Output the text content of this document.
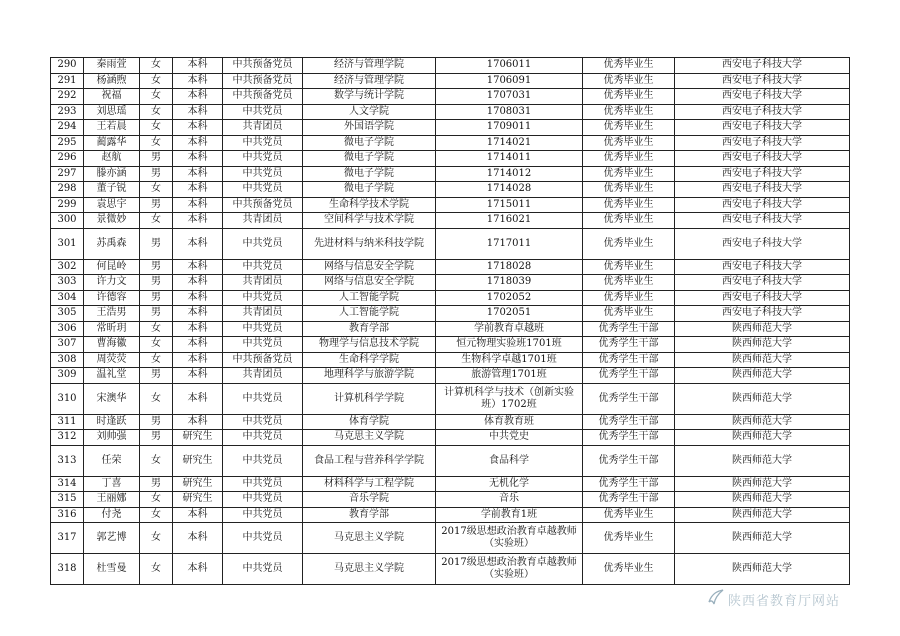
290	秦雨萱	女	本科	中共预备党员	经济与管理学院	1706011	优秀毕业生	西安电子科技大学
291	杨涵煦	女	本科	中共预备党员	经济与管理学院	1706091	优秀毕业生	西安电子科技大学
292	祝福	女	本科	中共预备党员	数学与统计学院	1707031	优秀毕业生	西安电子科技大学
293	刘思瑶	女	本科	中共党员	人文学院	1708031	优秀毕业生	西安电子科技大学
294	王若晨	女	本科	共青团员	外国语学院	1709011	优秀毕业生	西安电子科技大学
295	蔺露华	女	本科	中共党员	微电子学院	1714021	优秀毕业生	西安电子科技大学
296	赵航	男	本科	中共党员	微电子学院	1714011	优秀毕业生	西安电子科技大学
297	滕亦涵	男	本科	中共党员	微电子学院	1714012	优秀毕业生	西安电子科技大学
298	董子锐	女	本科	中共党员	微电子学院	1714028	优秀毕业生	西安电子科技大学
299	袁思宇	男	本科	中共预备党员	生命科学技术学院	1715011	优秀毕业生	西安电子科技大学
300	景微妙	女	本科	共青团员	空间科学与技术学院	1716021	优秀毕业生	西安电子科技大学
301	苏禹森	男	本科	中共党员	先进材料与纳米科技学院	1717011	优秀毕业生	西安电子科技大学
302	何昆岭	男	本科	中共党员	网络与信息安全学院	1718028	优秀毕业生	西安电子科技大学
303	许力文	男	本科	共青团员	网络与信息安全学院	1718039	优秀毕业生	西安电子科技大学
304	许德容	男	本科	中共党员	人工智能学院	1702052	优秀毕业生	西安电子科技大学
305	王浩男	男	本科	共青团员	人工智能学院	1702051	优秀毕业生	西安电子科技大学
306	常昕玥	女	本科	中共党员	教育学部	学前教育卓越班	优秀学生干部	陕西师范大学
307	曹海徽	女	本科	中共党员	物理学与信息技术学院	恒元物理实验班1701班	优秀学生干部	陕西师范大学
308	周荧荧	女	本科	中共预备党员	生命科学学院	生物科学卓越1701班	优秀学生干部	陕西师范大学
309	温礼堂	男	本科	共青团员	地理科学与旅游学院	旅游管理1701班	优秀学生干部	陕西师范大学
310	宋澳华	女	本科	中共党员	计算机科学学院	计算机科学与技术（创新实验班）1702班	优秀学生干部	陕西师范大学
311	时逢跃	男	本科	中共党员	体育学院	体育教育班	优秀学生干部	陕西师范大学
312	刘帅强	男	研究生	中共党员	马克思主义学院	中共党史	优秀学生干部	陕西师范大学
313	任荣	女	研究生	中共党员	食品工程与营养科学学院	食品科学	优秀学生干部	陕西师范大学
314	丁喜	男	研究生	中共党员	材料科学与工程学院	无机化学	优秀学生干部	陕西师范大学
315	王丽娜	女	研究生	中共党员	音乐学院	音乐	优秀学生干部	陕西师范大学
316	付尧	女	本科	中共党员	教育学部	学前教育1班	优秀毕业生	陕西师范大学
317	郭艺博	女	本科	中共党员	马克思主义学院	2017级思想政治教育卓越教师（实验班）	优秀毕业生	陕西师范大学
318	杜雪曼	女	本科	中共党员	马克思主义学院	2017级思想政治教育卓越教师（实验班）	优秀毕业生	陕西师范大学
陕西省教育厅网站
